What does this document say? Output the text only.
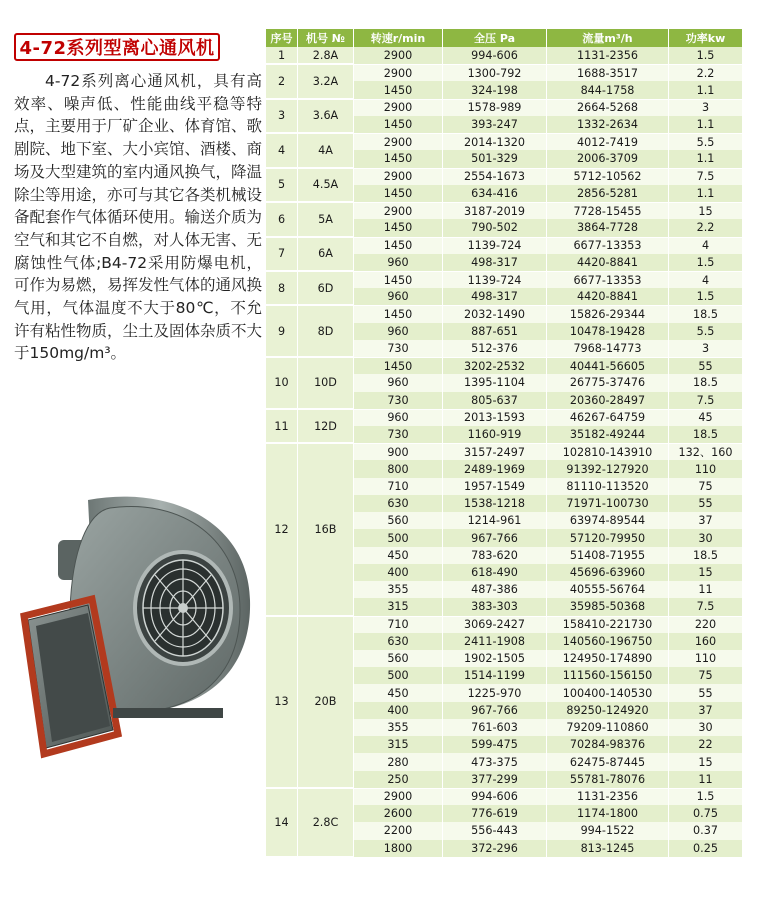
4-72系列型离心通风机

4-72系列离心通风机，具有高效率、噪声低、性能曲线平稳等特点，主要用于厂矿企业、体育馆、歌剧院、地下室、大小宾馆、酒楼、商场及大型建筑的室内通风换气，降温除尘等用途，亦可与其它各类机械设备配套作气体循环使用。输送介质为空气和其它不自燃，对人体无害、无腐蚀性气体;B4-72采用防爆电机，可作为易燃，易挥发性气体的通风换气用，气体温度不大于80℃，不允许有粘性物质，尘土及固体杂质不大于150mg/m³。

序号	机号 №	转速r/min	全压 Pa	流量m³/h	功率kw
1	2.8A	2900	994-606	1131-2356	1.5
2	3.2A
2900	1300-792	1688-3517	2.2
1450	324-198	844-1758	1.1
3	3.6A
2900	1578-989	2664-5268	3
1450	393-247	1332-2634	1.1
4	4A
2900	2014-1320	4012-7419	5.5
1450	501-329	2006-3709	1.1
5	4.5A
2900	2554-1673	5712-10562	7.5
1450	634-416	2856-5281	1.1
6	5A
2900	3187-2019	7728-15455	15
1450	790-502	3864-7728	2.2
7	6A
1450	1139-724	6677-13353	4
960	498-317	4420-8841	1.5
8	6D
1450	1139-724	6677-13353	4
960	498-317	4420-8841	1.5
9	8D
1450	2032-1490	15826-29344	18.5
960	887-651	10478-19428	5.5
730	512-376	7968-14773	3
10	10D
1450	3202-2532	40441-56605	55
960	1395-1104	26775-37476	18.5
730	805-637	20360-28497	7.5
11	12D
960	2013-1593	46267-64759	45
730	1160-919	35182-49244	18.5
12	16B
900	3157-2497	102810-143910	132、160
800	2489-1969	91392-127920	110
710	1957-1549	81110-113520	75
630	1538-1218	71971-100730	55
560	1214-961	63974-89544	37
500	967-766	57120-79950	30
450	783-620	51408-71955	18.5
400	618-490	45696-63960	15
355	487-386	40555-56764	11
315	383-303	35985-50368	7.5
13	20B
710	3069-2427	158410-221730	220
630	2411-1908	140560-196750	160
560	1902-1505	124950-174890	110
500	1514-1199	111560-156150	75
450	1225-970	100400-140530	55
400	967-766	89250-124920	37
355	761-603	79209-110860	30
315	599-475	70284-98376	22
280	473-375	62475-87445	15
250	377-299	55781-78076	11
14	2.8C
2900	994-606	1131-2356	1.5
2600	776-619	1174-1800	0.75
2200	556-443	994-1522	0.37
1800	372-296	813-1245	0.25
